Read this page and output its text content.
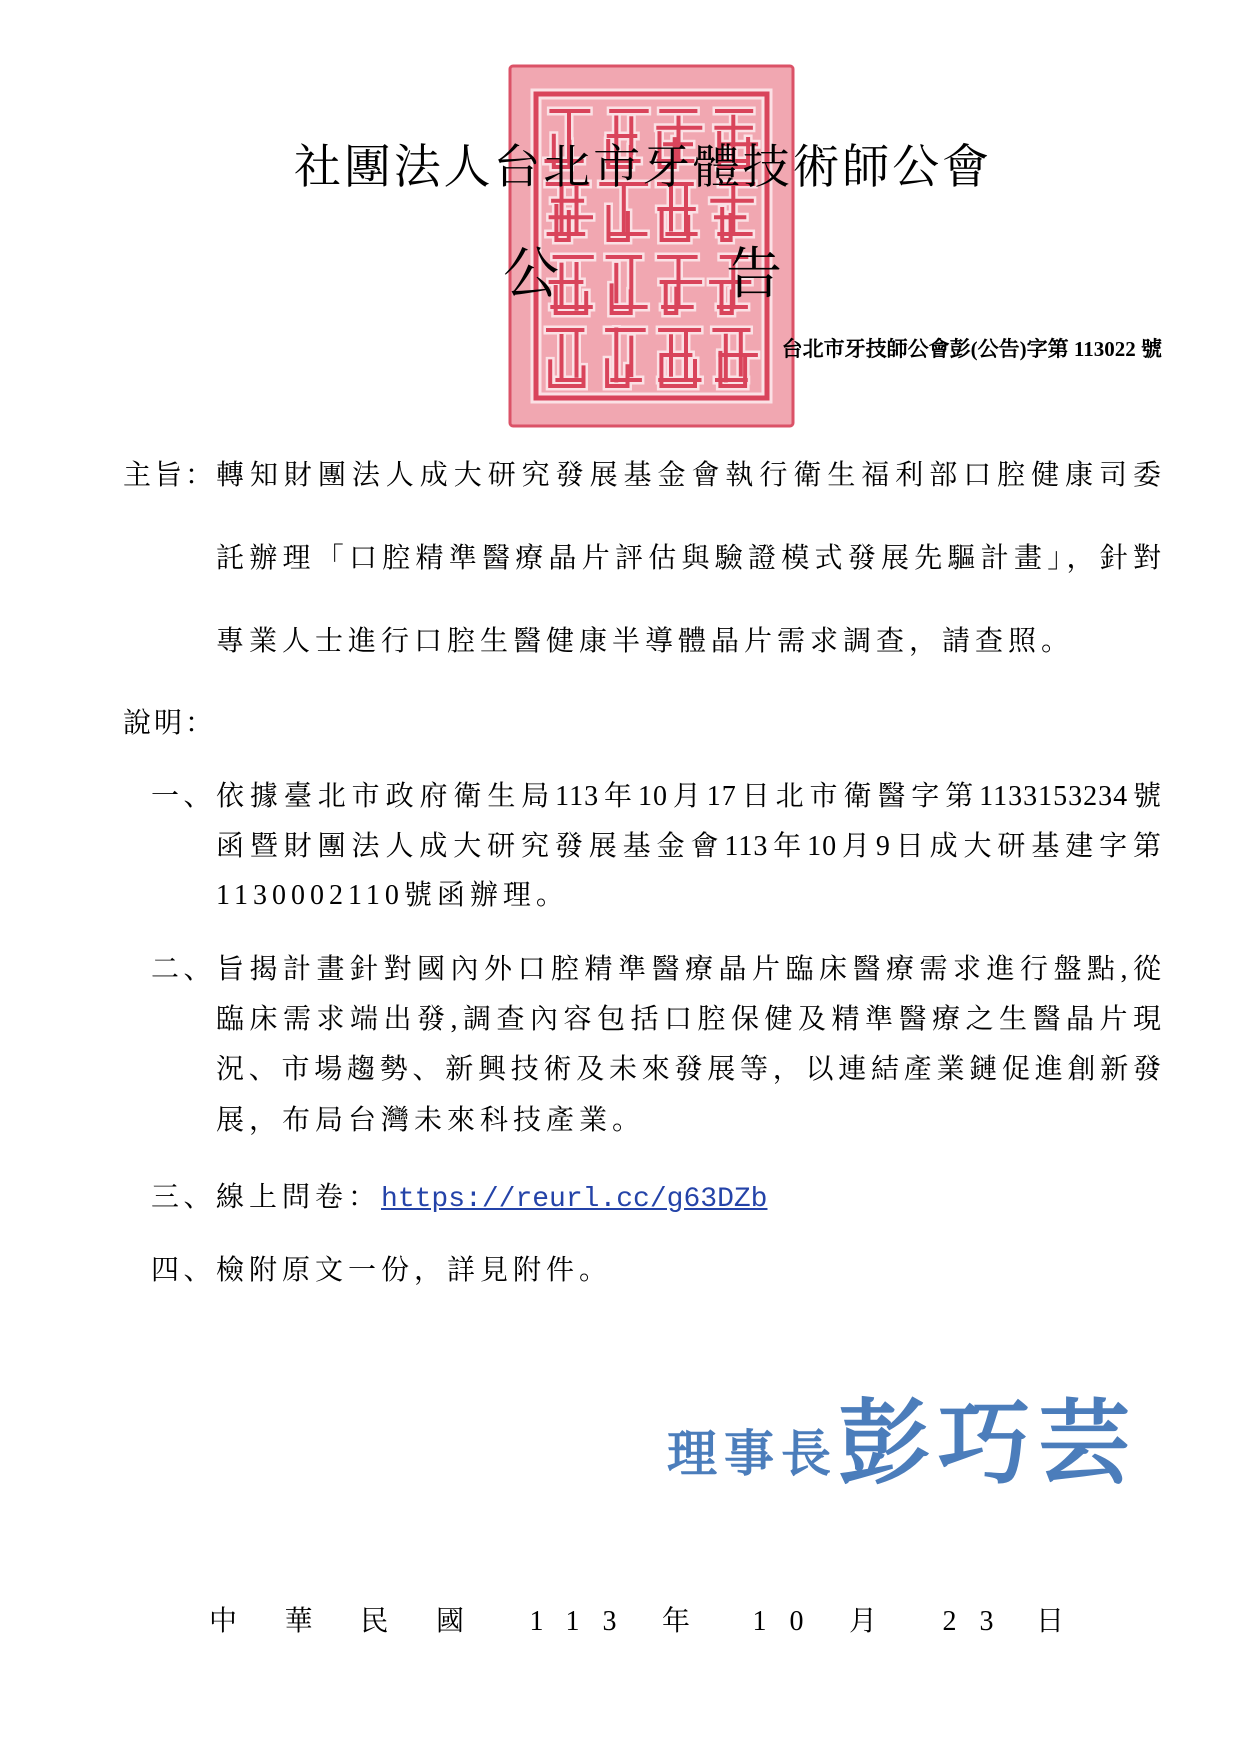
社團法人台北市牙體技術師公會
公告
台北市牙技師公會彭(公告)字第 113022 號
主旨： 轉知財團法人成大研究發展基金會執行衛生福利部口腔健康司委
託辦理「口腔精準醫療晶片評估與驗證模式發展先驅計畫」，針對
專業人士進行口腔生醫健康半導體晶片需求調查，請查照。
說明：
一、 依據臺北市政府衛生局113年10月17日北市衛醫字第1133153234號
函暨財團法人成大研究發展基金會113年10月9日成大研基建字第
1130002110號函辦理。
二、 旨揭計畫針對國內外口腔精準醫療晶片臨床醫療需求進行盤點,從
臨床需求端出發,調查內容包括口腔保健及精準醫療之生醫晶片現
況、市場趨勢、新興技術及未來發展等，以連結產業鏈促進創新發
展，布局台灣未來科技產業。
三、 線上問卷：https://reurl.cc/g63DZb
四、 檢附原文一份，詳見附件。
理事長 彭巧芸
中華民國 113 年	10 月	23 日
